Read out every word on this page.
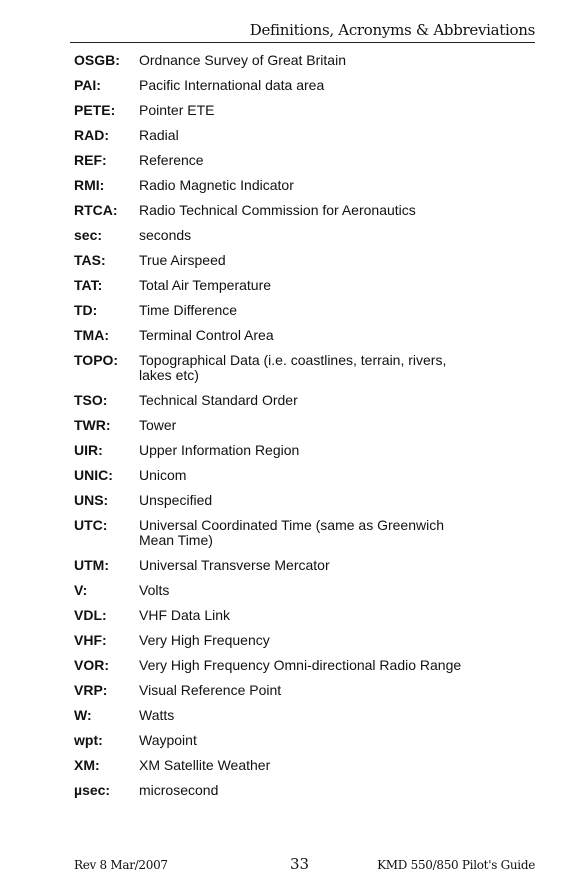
Definitions, Acronyms & Abbreviations
OSGB:	Ordnance Survey of Great Britain
PAI:	Pacific International data area
PETE:	Pointer ETE
RAD:	Radial
REF:	Reference
RMI:	Radio Magnetic Indicator
RTCA:	Radio Technical Commission for Aeronautics
sec:	seconds
TAS:	True Airspeed
TAT:	Total Air Temperature
TD:	Time Difference
TMA:	Terminal Control Area
TOPO:	Topographical Data (i.e. coastlines, terrain, rivers, lakes etc)
TSO:	Technical Standard Order
TWR:	Tower
UIR:	Upper Information Region
UNIC:	Unicom
UNS:	Unspecified
UTC:	Universal Coordinated Time (same as Greenwich Mean Time)
UTM:	Universal Transverse Mercator
V:	Volts
VDL:	VHF Data Link
VHF:	Very High Frequency
VOR:	Very High Frequency Omni-directional Radio Range
VRP:	Visual Reference Point
W:	Watts
wpt:	Waypoint
XM:	XM Satellite Weather
µsec:	microsecond
Rev 8 Mar/2007	33	KMD 550/850 Pilot's Guide
